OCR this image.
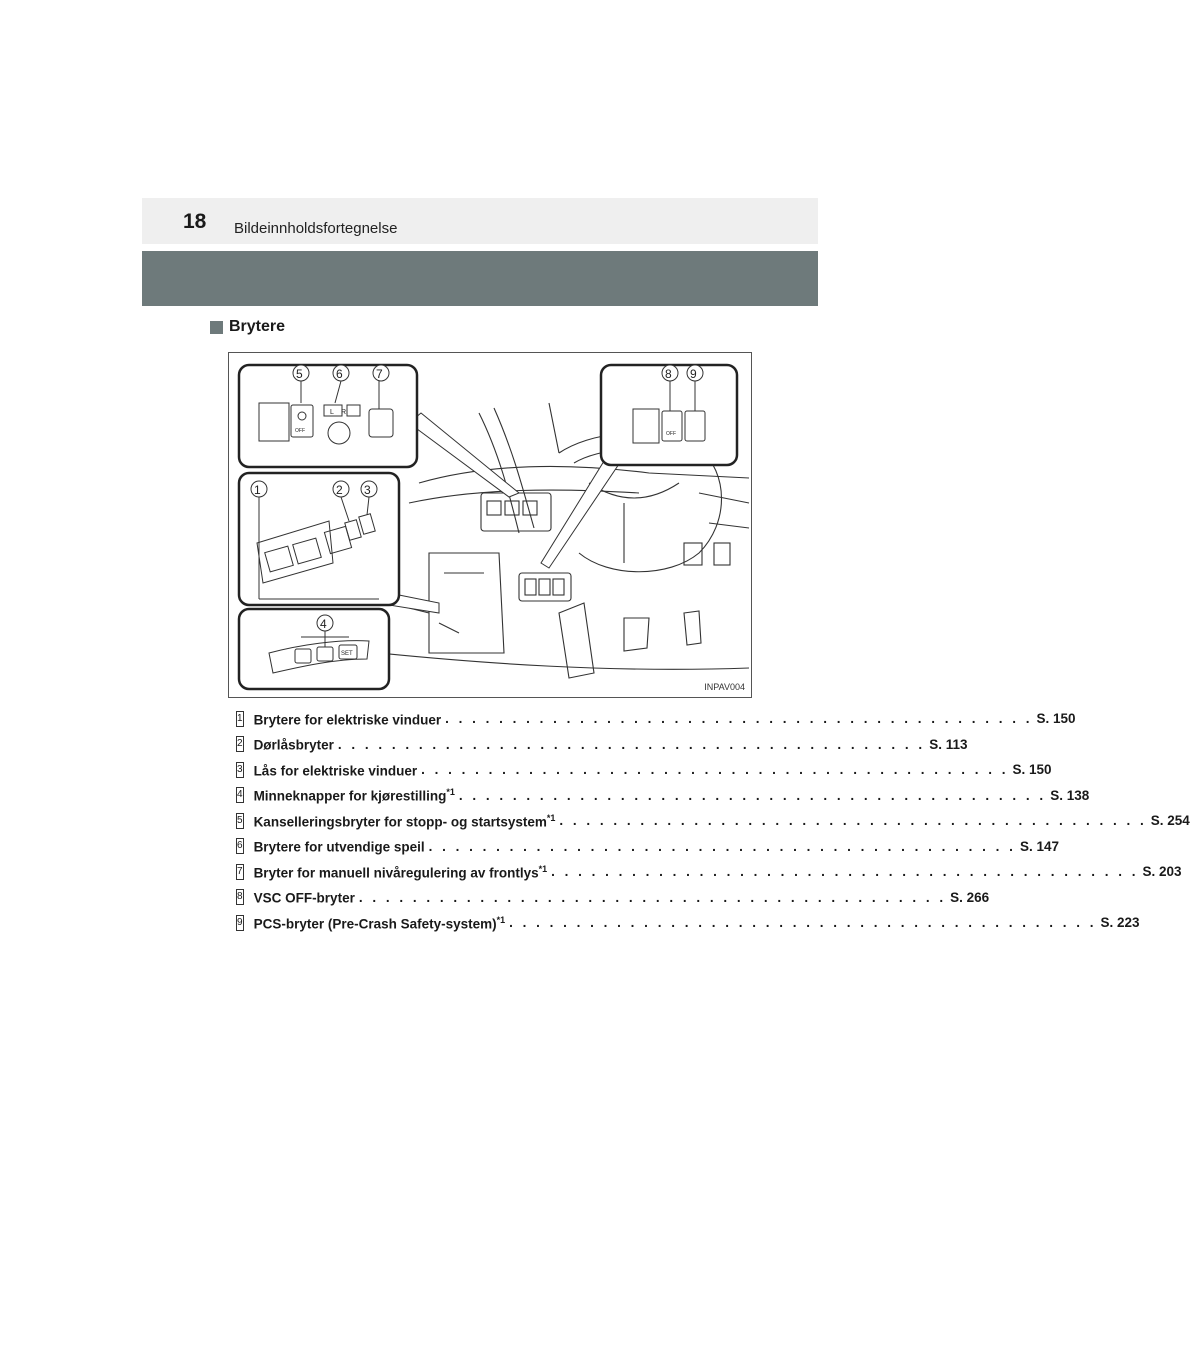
18 Bildeinnholdsfortegnelse
Brytere
OFF
L R
5	6	7
OFF
8 9
1	2 3
SET
4
INPAV004
1 Brytere for elektriske vinduer . . . . . . . . . . . . . . . . . . . . . . . . . . . . . . . . . . . . . . . . . . . . S. 150
2 Dørlåsbryter . . . . . . . . . . . . . . . . . . . . . . . . . . . . . . . . . . . . . . . . . . . . S. 113
3 Lås for elektriske vinduer . . . . . . . . . . . . . . . . . . . . . . . . . . . . . . . . . . . . . . . . . . . . S. 150
4 Minneknapper for kjørestilling$^{*1}$ . . . . . . . . . . . . . . . . . . . . . . . . . . . . . . . . . . . . . . . . . . . . S. 138
5 Kanselleringsbryter for stopp- og startsystem$^{*1}$ . . . . . . . . . . . . . . . . . . . . . . . . . . . . . . . . . . . . . . . . . . . . S. 254
6 Brytere for utvendige speil . . . . . . . . . . . . . . . . . . . . . . . . . . . . . . . . . . . . . . . . . . . . S. 147
7 Bryter for manuell nivåregulering av frontlys$^{*1}$ . . . . . . . . . . . . . . . . . . . . . . . . . . . . . . . . . . . . . . . . . . . . S. 203
8 VSC OFF-bryter . . . . . . . . . . . . . . . . . . . . . . . . . . . . . . . . . . . . . . . . . . . . S. 266
9 PCS-bryter (Pre-Crash Safety-system)$^{*1}$ . . . . . . . . . . . . . . . . . . . . . . . . . . . . . . . . . . . . . . . . . . . . S. 223
